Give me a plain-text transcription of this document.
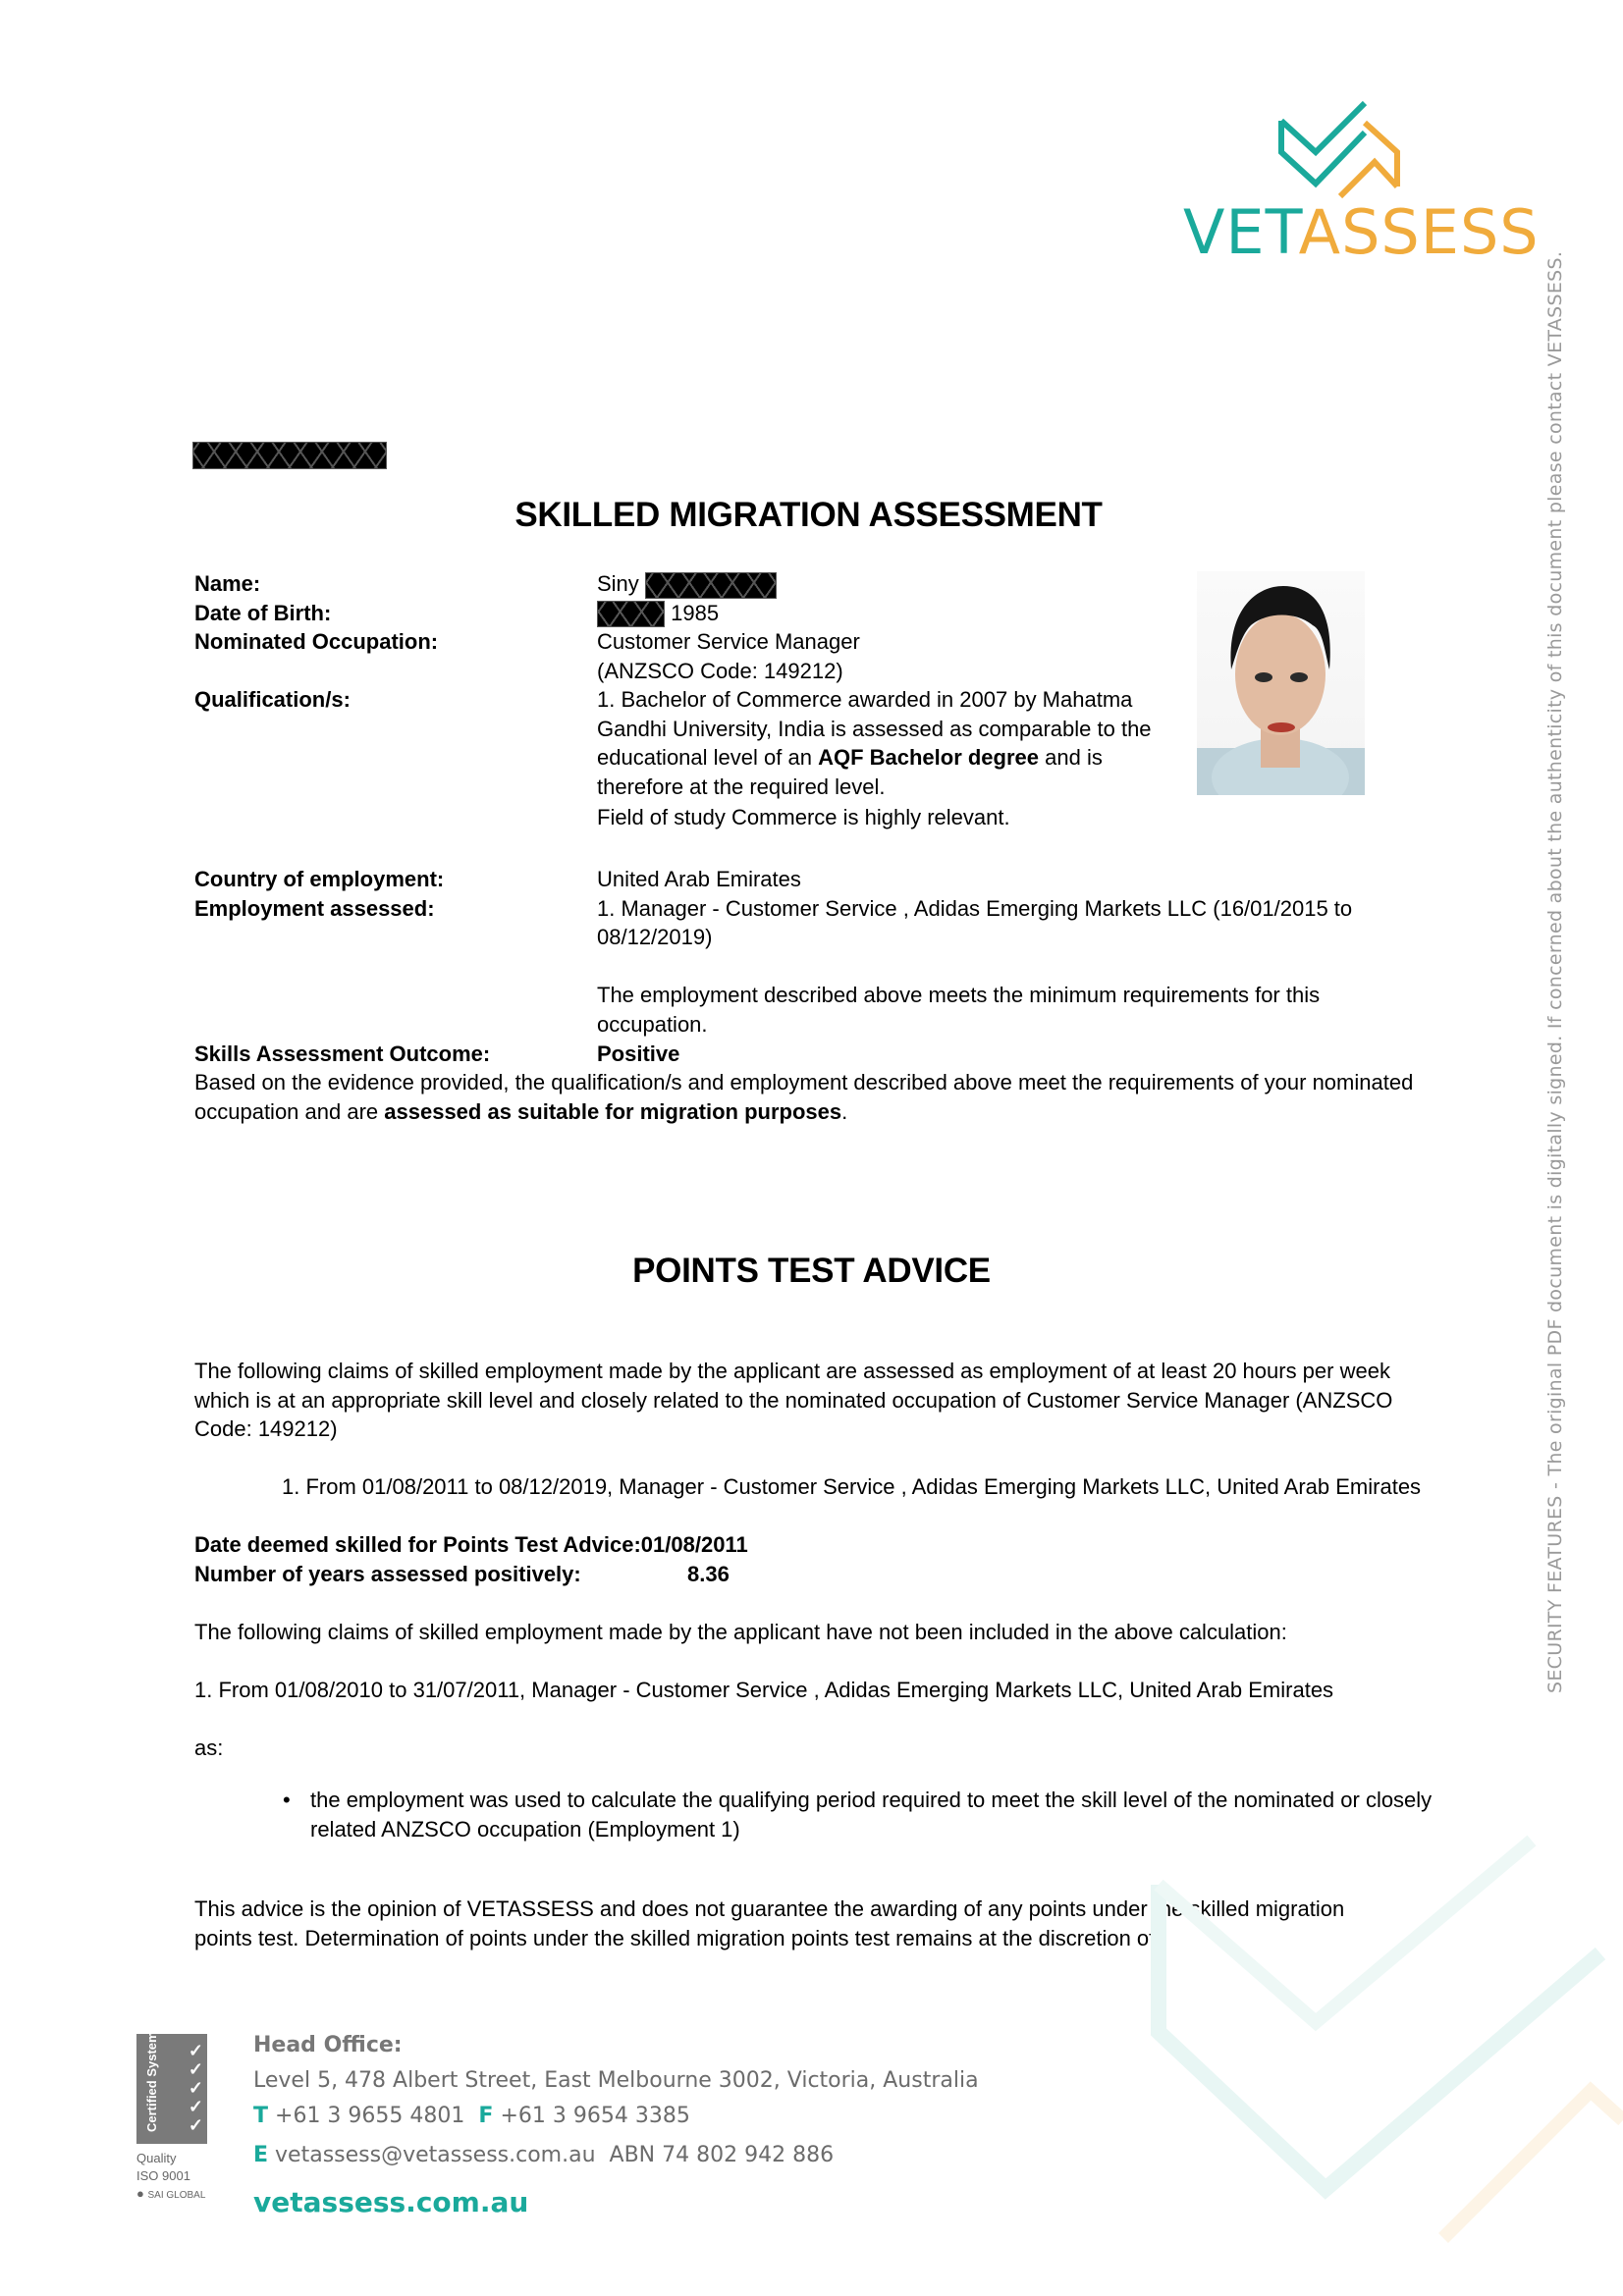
VETASSESS
SKILLED MIGRATION ASSESSMENT
Name:	Siny
Date of Birth:	1985
Nominated Occupation:	Customer Service Manager
(ANZSCO Code: 149212)
Qualification/s:	1. Bachelor of Commerce awarded in 2007 by Mahatma Gandhi University, India is assessed as comparable to the educational level of an AQF Bachelor degree and is therefore at the required level.
Field of study Commerce is highly relevant.
Country of employment:	United Arab Emirates
Employment assessed:	1. Manager - Customer Service , Adidas Emerging Markets LLC (16/01/2015 to 08/12/2019)
The employment described above meets the minimum requirements for this occupation.
Skills Assessment Outcome:	Positive
Based on the evidence provided, the qualification/s and employment described above meet the requirements of your nominated occupation and are assessed as suitable for migration purposes.
POINTS TEST ADVICE
The following claims of skilled employment made by the applicant are assessed as employment of at least 20 hours per week which is at an appropriate skill level and closely related to the nominated occupation of Customer Service Manager (ANZSCO Code: 149212)
1. From 01/08/2011 to 08/12/2019, Manager - Customer Service , Adidas Emerging Markets LLC, United Arab Emirates
Date deemed skilled for Points Test Advice:01/08/2011
Number of years assessed positively:	8.36
The following claims of skilled employment made by the applicant have not been included in the above calculation:
1. From 01/08/2010 to 31/07/2011, Manager - Customer Service , Adidas Emerging Markets LLC, United Arab Emirates
as:
• the employment was used to calculate the qualifying period required to meet the skill level of the nominated or closely related ANZSCO occupation (Employment 1)
This advice is the opinion of VETASSESS and does not guarantee the awarding of any points under the skilled migration points test. Determination of points under the skilled migration points test remains at the discretion of
SECURITY FEATURES - The original PDF document is digitally signed. If concerned about the authenticity of this document please contact VETASSESS.
Certified System ✓
✓
✓
✓
✓
Quality
ISO 9001
● SAI GLOBAL
Head Office:
Level 5, 478 Albert Street, East Melbourne 3002, Victoria, Australia
T +61 3 9655 4801 F +61 3 9654 3385
E vetassess@vetassess.com.au ABN 74 802 942 886
vetassess.com.au
